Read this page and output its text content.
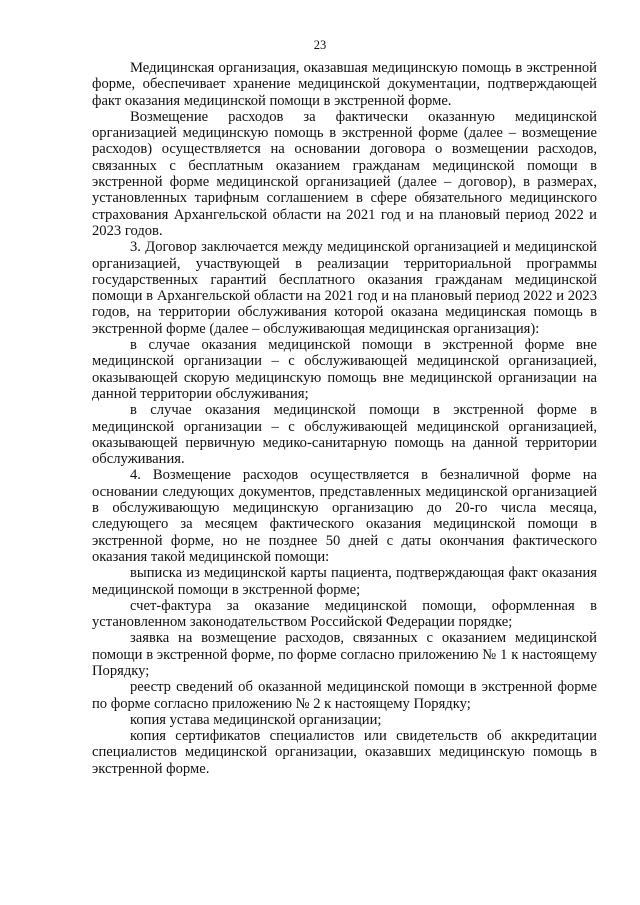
23

Медицинская организация, оказавшая медицинскую помощь в экстренной форме, обеспечивает хранение медицинской документации, подтверждающей факт оказания медицинской помощи в экстренной форме.

Возмещение расходов за фактически оказанную медицинской организацией медицинскую помощь в экстренной форме (далее – возмещение расходов) осуществляется на основании договора о возмещении расходов, связанных с бесплатным оказанием гражданам медицинской помощи в экстренной форме медицинской организацией (далее – договор), в размерах, установленных тарифным соглашением в сфере обязательного медицинского страхования Архангельской области на 2021 год и на плановый период 2022 и 2023 годов.

3. Договор заключается между медицинской организацией и медицинской организацией, участвующей в реализации территориальной программы государственных гарантий бесплатного оказания гражданам медицинской помощи в Архангельской области на 2021 год и на плановый период 2022 и 2023 годов, на территории обслуживания которой оказана медицинская помощь в экстренной форме (далее – обслуживающая медицинская организация):

в случае оказания медицинской помощи в экстренной форме вне медицинской организации – с обслуживающей медицинской организацией, оказывающей скорую медицинскую помощь вне медицинской организации на данной территории обслуживания;

в случае оказания медицинской помощи в экстренной форме в медицинской организации – с обслуживающей медицинской организацией, оказывающей первичную медико-санитарную помощь на данной территории обслуживания.

4. Возмещение расходов осуществляется в безналичной форме на основании следующих документов, представленных медицинской организацией в обслуживающую медицинскую организацию до 20-го числа месяца, следующего за месяцем фактического оказания медицинской помощи в экстренной форме, но не позднее 50 дней с даты окончания фактического оказания такой медицинской помощи:

выписка из медицинской карты пациента, подтверждающая факт оказания медицинской помощи в экстренной форме;

счет-фактура за оказание медицинской помощи, оформленная в установленном законодательством Российской Федерации порядке;

заявка на возмещение расходов, связанных с оказанием медицинской помощи в экстренной форме, по форме согласно приложению № 1 к настоящему Порядку;

реестр сведений об оказанной медицинской помощи в экстренной форме по форме согласно приложению № 2 к настоящему Порядку;

копия устава медицинской организации;

копия сертификатов специалистов или свидетельств об аккредитации специалистов медицинской организации, оказавших медицинскую помощь в экстренной форме.
